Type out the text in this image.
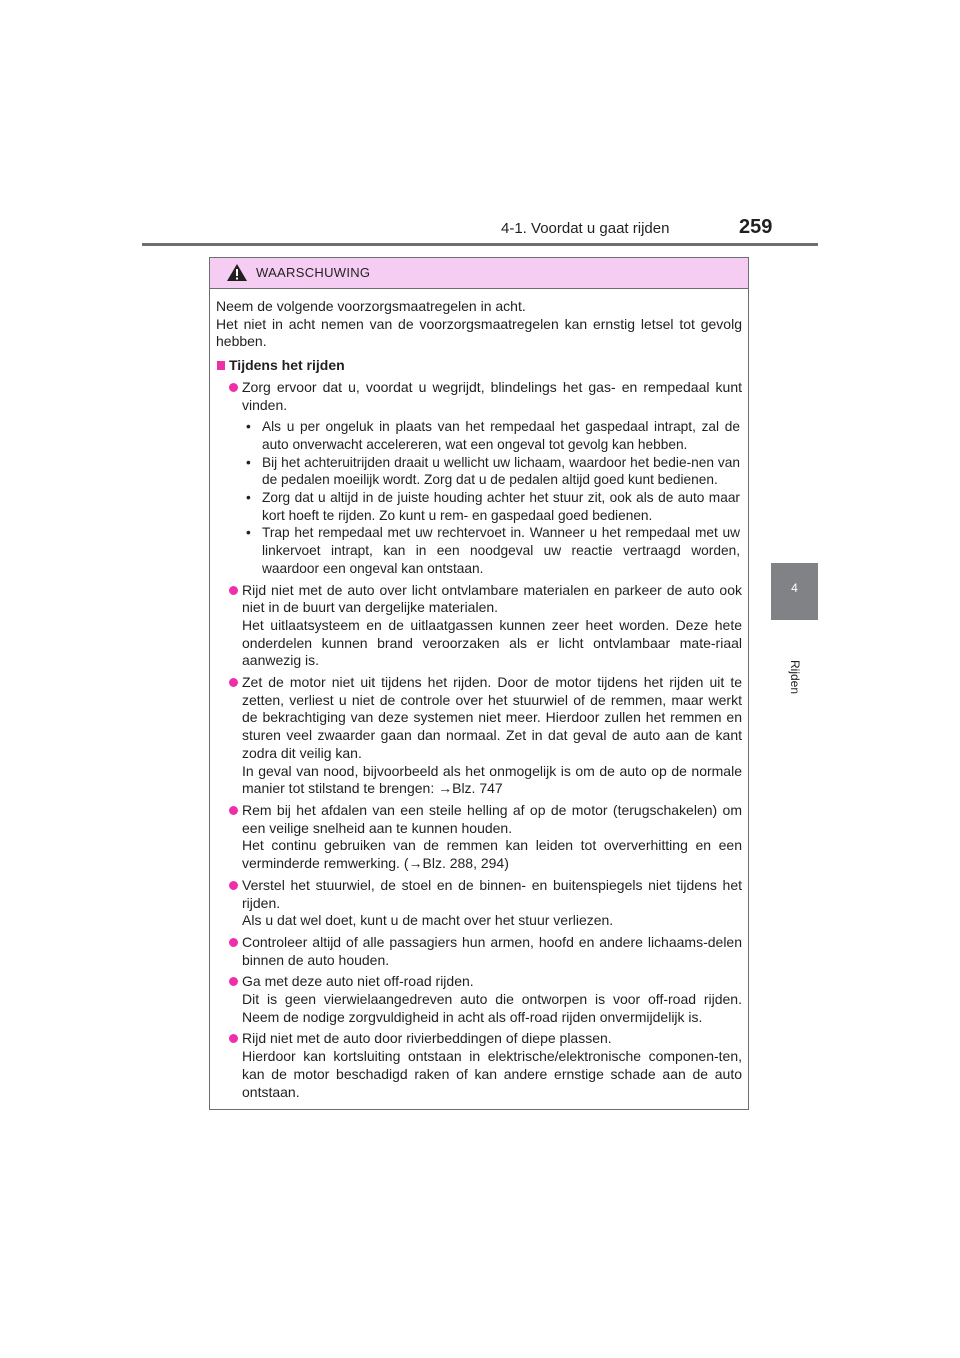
4-1. Voordat u gaat rijden	259
4
Rijden
WAARSCHUWING

Neem de volgende voorzorgsmaatregelen in acht.

Het niet in acht nemen van de voorzorgsmaatregelen kan ernstig letsel tot gevolg hebben.

Tijdens het rijden
Zorg ervoor dat u, voordat u wegrijdt, blindelings het gas- en rempedaal kunt vinden.
• Als u per ongeluk in plaats van het rempedaal het gaspedaal intrapt, zal de auto onverwacht accelereren, wat een ongeval tot gevolg kan hebben.
• Bij het achteruitrijden draait u wellicht uw lichaam, waardoor het bedie-nen van de pedalen moeilijk wordt. Zorg dat u de pedalen altijd goed kunt bedienen.
• Zorg dat u altijd in de juiste houding achter het stuur zit, ook als de auto maar kort hoeft te rijden. Zo kunt u rem- en gaspedaal goed bedienen.
• Trap het rempedaal met uw rechtervoet in. Wanneer u het rempedaal met uw linkervoet intrapt, kan in een noodgeval uw reactie vertraagd worden, waardoor een ongeval kan ontstaan.
Rijd niet met de auto over licht ontvlambare materialen en parkeer de auto ook niet in de buurt van dergelijke materialen.
Het uitlaatsysteem en de uitlaatgassen kunnen zeer heet worden. Deze hete onderdelen kunnen brand veroorzaken als er licht ontvlambaar mate-riaal aanwezig is.
Zet de motor niet uit tijdens het rijden. Door de motor tijdens het rijden uit te zetten, verliest u niet de controle over het stuurwiel of de remmen, maar werkt de bekrachtiging van deze systemen niet meer. Hierdoor zullen het remmen en sturen veel zwaarder gaan dan normaal. Zet in dat geval de auto aan de kant zodra dit veilig kan.
In geval van nood, bijvoorbeeld als het onmogelijk is om de auto op de normale manier tot stilstand te brengen: →Blz. 747
Rem bij het afdalen van een steile helling af op de motor (terugschakelen) om een veilige snelheid aan te kunnen houden.
Het continu gebruiken van de remmen kan leiden tot oververhitting en een verminderde remwerking. (→Blz. 288, 294)
Verstel het stuurwiel, de stoel en de binnen- en buitenspiegels niet tijdens het rijden.
Als u dat wel doet, kunt u de macht over het stuur verliezen.
Controleer altijd of alle passagiers hun armen, hoofd en andere lichaams-delen binnen de auto houden.
Ga met deze auto niet off-road rijden.
Dit is geen vierwielaangedreven auto die ontworpen is voor off-road rijden. Neem de nodige zorgvuldigheid in acht als off-road rijden onvermijdelijk is.
Rijd niet met de auto door rivierbeddingen of diepe plassen.
Hierdoor kan kortsluiting ontstaan in elektrische/elektronische componen-ten, kan de motor beschadigd raken of kan andere ernstige schade aan de auto ontstaan.
